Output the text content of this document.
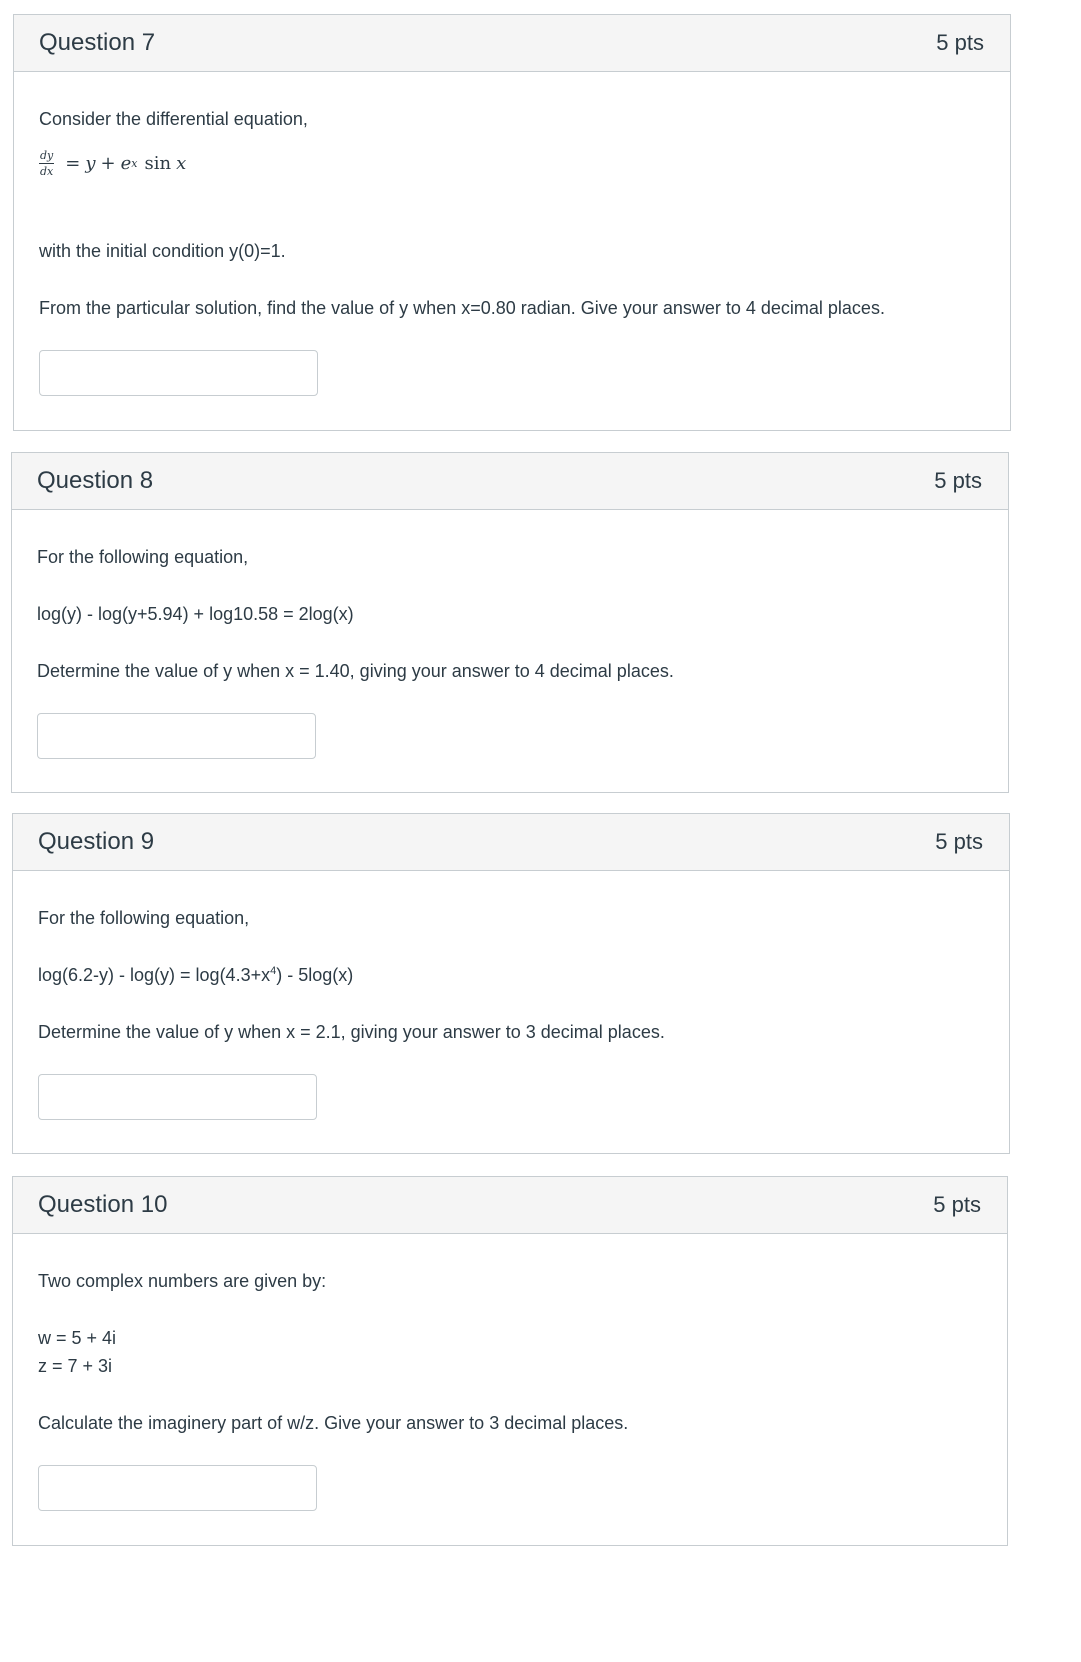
Question 7	5 pts
Consider the differential equation,
$\frac{dy}{dx} = y + e$ x sin x
with the initial condition y(0)=1.
From the particular solution, find the value of y when x=0.80 radian. Give your answer to 4 decimal places.
Question 8	5 pts
For the following equation,
log(y) - log(y+5.94) + log10.58 = 2log(x)
Determine the value of y when x = 1.40, giving your answer to 4 decimal places.
Question 9	5 pts
For the following equation,
$\log(6.2-y) - \log(y) = \log(4.3+x^4) - 5\log(x)$
Determine the value of y when x = 2.1, giving your answer to 3 decimal places.
Question 10	5 pts
Two complex numbers are given by:
w = 5 + 4i
z = 7 + 3i
Calculate the imaginery part of w/z. Give your answer to 3 decimal places.
